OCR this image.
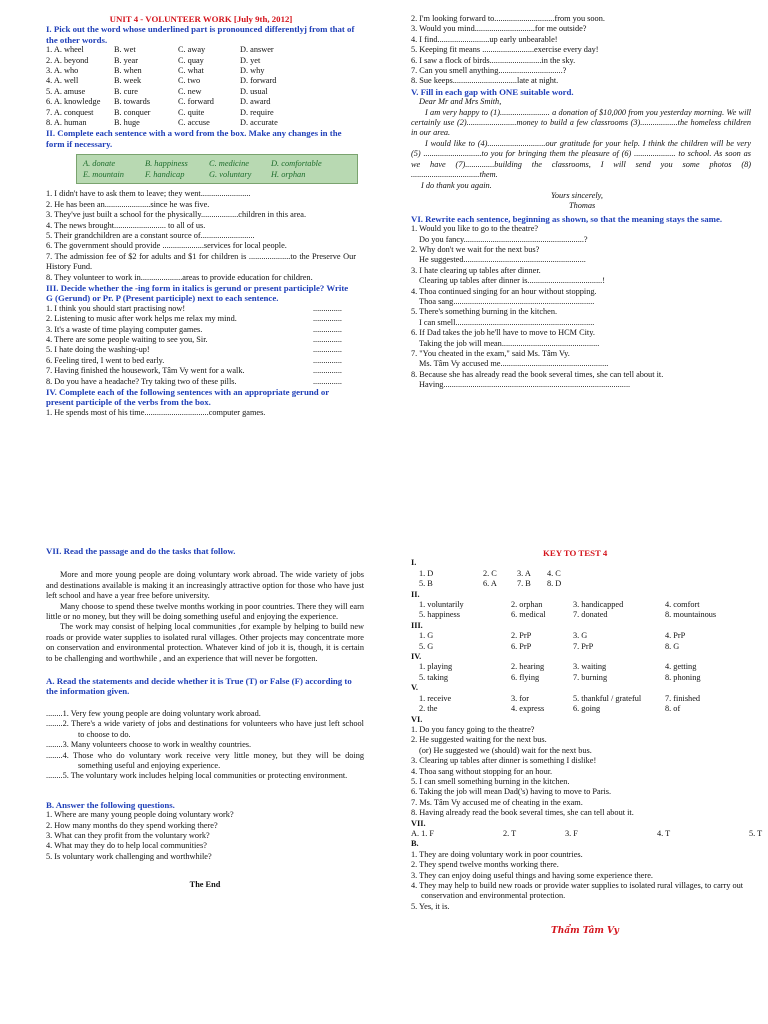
UNIT 4 - VOLUNTEER WORK [July 9th, 2012]
I. Pick out the word whose underlined part is pronounced differentlyj from that of the other words.
1. A. wheel	B. wet	C. away	D. answer
2. A. beyond	B. year	C. quay	D. yet
3. A. who	B. when	C. what	D. why
4. A. well	B. week	C. two	D. forward
5. A. amuse	B. cure	C. new	D. usual
6. A. knowledge	B. towards	C. forward	D. award
7. A. conquest	B. conquer	C. quite	D. require
8. A. human	B. huge	C. accuse	D. accurate
II. Complete each sentence with a word from the box. Make any changes in the form if necessary.
A. donate	B. happiness	C. medicine	D. comfortable
E. mountain	F. handicap	G. voluntary	H. orphan
1. I didn't have to ask them to leave; they went........................
2. He has been an......................since he was five.
3. They've just built a school for the physically..................children in this area.
4. The news brought......................... to all of us.
5. Their grandchildren are a constant source of..........................
6. The government should provide ....................services for local people.
7. The admission fee of $2 for adults and $1 for children is ....................to the Preserve Our History Fund.
8. They volunteer to work in....................areas to provide education for children.
III. Decide whether the -ing form in italics is gerund or present participle? Write G (Gerund) or Pr. P (Present participle) next to each sentence.
1. I think you should start practising now!	..............
2. Listening to music after work helps me relax my mind.	..............
3. It's a waste of time playing computer games.	..............
4. There are some people waiting to see you, Sir.	..............
5. I hate doing the washing-up!	..............
6. Feeling tired, I went to bed early.	..............
7. Having finished the housework, Tâm Vy went for a walk.	..............
8. Do you have a headache? Try taking two of these pills.	..............
IV. Complete each of the following sentences with an appropriate gerund or present participle of the verbs from the box.
1. He spends most of his time...............................computer games.
2. I'm looking forward to.............................from you soon.
3. Would you mind.............................for me outside?
4. I find.........................up early unbearable!
5. Keeping fit means .........................exercise every day!
6. I saw a flock of birds.........................in the sky.
7. Can you smell anything...............................?
8. Sue keeps...............................late at night.
V. Fill in each gap with ONE suitable word.
Dear Mr and Mrs Smith,
I am very happy to (1)........................ a donation of $10,000 from you yesterday morning. We will certainly use (2)........................money to build a few classrooms (3)..................the homeless children in our area.
I would like to (4)............................our gratitude for your help. I think the children will be very (5) ............................to you for bringing them the pleasure of (6) .................... to school. As soon as we have (7)..............building the classrooms, I will send you some photos (8) .................................them.
I do thank you again.
Yours sincerely,
Thomas
VI. Rewrite each sentence, beginning as shown, so that the meaning stays the same.
1. Would you like to go to the theatre?
Do you fancy..........................................................?
2. Why don't we wait for the next bus?
He suggested...........................................................
3. I hate clearing up tables after dinner.
Clearing up tables after dinner is....................................!
4. Thoa continued singing for an hour without stopping.
Thoa sang....................................................................
5. There's something burning in the kitchen.
I can smell...................................................................
6. If Dad takes the job he'll have to move to HCM City.
Taking the job will mean...............................................
7. "You cheated in the exam," said Ms. Tâm Vy.
Ms. Tâm Vy accused me....................................................
8. Because she has already read the book several times, she can tell about it.
Having..........................................................................................
VII. Read the passage and do the tasks that follow.
More and more young people are doing voluntary work abroad. The wide variety of jobs and destinations available is making it an increasingly attractive option for those who have just left school and have a year free before university.
Many choose to spend these twelve months working in poor countries. There they will earn little or no money, but they will be doing something useful and enjoying the experience.
The work may consist of helping local communities ,for example by helping to build new roads or provide water supplies to isolated rural villages. Other projects may concentrate more on conservation and environmental protection. Whatever kind of job it is, though, it is certain to be challenging and worthwhile , and an experience that will never be forgotten.
A. Read the statements and decide whether it is True (T) or False (F) according to the information given.
........1. Very few young people are doing voluntary work abroad.
........2. There's a wide variety of jobs and destinations for volunteers who have just left school to choose to do.
........3. Many volunteers choose to work in wealthy countries.
........4. Those who do voluntary work receive very little money, but they will be doing something useful and enjoying experience.
........5. The voluntary work includes helping local communities or protecting environment.
B. Answer the following questions.
1. Where are many young people doing voluntary work?
2. How many months do they spend working there?
3. What can they profit from the voluntary work?
4. What may they do to help local communities?
5. Is voluntary work challenging and worthwhile?
The End
KEY TO TEST 4
I.
1. D	2. C	3. A	4. C
5. B	6. A	7. B	8. D
II.
1. voluntarily	2. orphan	3. handicapped	4. comfort
5. happiness	6. medical	7. donated	8. mountainous
III.
1. G	2. PrP	3. G	4. PrP
5. G	6. PrP	7. PrP	8. G
IV.
1. playing	2. hearing	3. waiting	4. getting
5. taking	6. flying	7. burning	8. phoning
V.
1. receive	3. for	5. thankful / grateful	7. finished
2. the	4. express	6. going	8. of
VI.
1. Do you fancy going to the theatre?
2. He suggested waiting for the next bus.
(or) He suggested we (should) wait for the next bus.
3. Clearing up tables after dinner is something I dislike!
4. Thoa sang without stopping for an hour.
5. I can smell something burning in the kitchen.
6. Taking the job will mean Dad('s) having to move to Paris.
7. Ms. Tâm Vy accused me of cheating in the exam.
8. Having already read the book several times, she can tell about it.
VII.
A. 1. F	2. T	3. F	4. T	5. T
B.
1. They are doing voluntary work in poor countries.
2. They spend twelve months working there.
3. They can enjoy doing useful things and having some experience there.
4. They may help to build new roads or provide water supplies to isolated rural villages, to carry out conservation and environmental protection.
5. Yes, it is.
Thẩm Tâm Vy
